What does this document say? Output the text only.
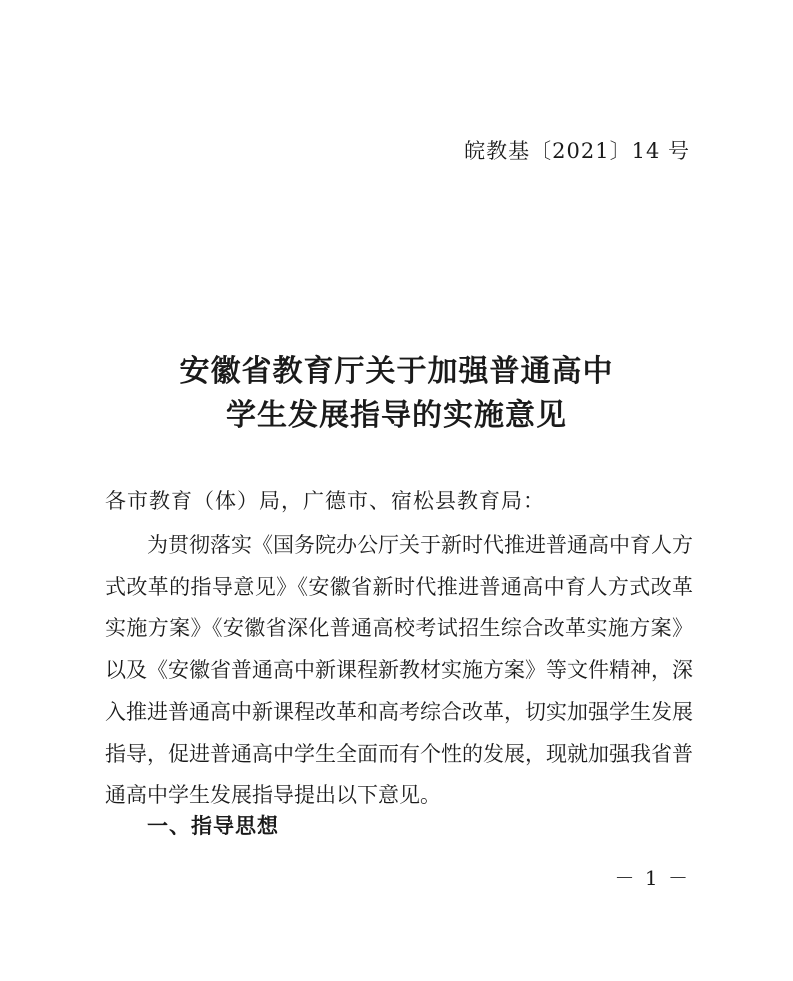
皖教基〔2021〕14 号
安徽省教育厅关于加强普通高中
学生发展指导的实施意见
各市教育（体）局，广德市、宿松县教育局：
为贯彻落实《国务院办公厅关于新时代推进普通高中育人方
式改革的指导意见》《安徽省新时代推进普通高中育人方式改革
实施方案》《安徽省深化普通高校考试招生综合改革实施方案》
以及《安徽省普通高中新课程新教材实施方案》等文件精神，深
入推进普通高中新课程改革和高考综合改革，切实加强学生发展
指导，促进普通高中学生全面而有个性的发展，现就加强我省普
通高中学生发展指导提出以下意见。
一、指导思想
－ 1 －
